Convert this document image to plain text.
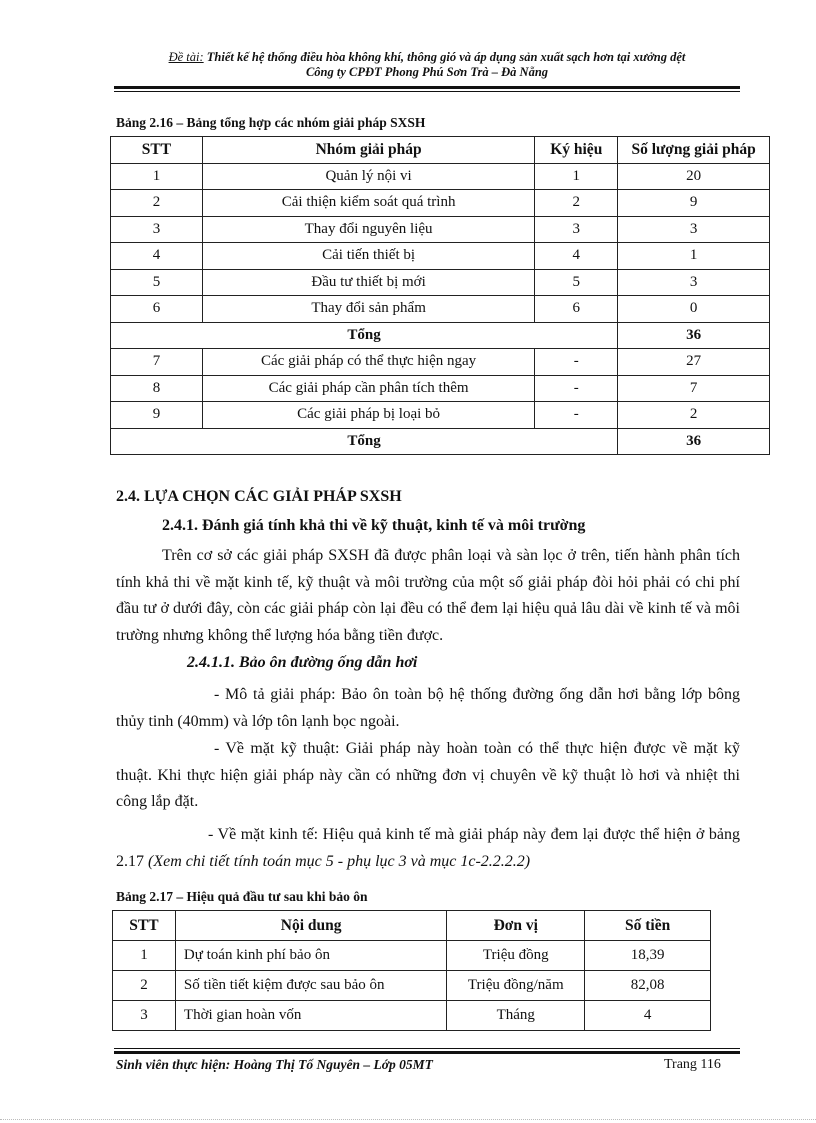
Đề tài: Thiết kế hệ thống điều hòa không khí, thông gió và áp dụng sản xuất sạch hơn tại xưởng dệt
Công ty CPĐT Phong Phú Sơn Trà – Đà Nẵng
Bảng 2.16 – Bảng tổng hợp các nhóm giải pháp SXSH
STT	Nhóm giải pháp	Ký hiệu	Số lượng giải pháp
1	Quản lý nội vi	1	20
2	Cải thiện kiểm soát quá trình	2	9
3	Thay đổi nguyên liệu	3	3
4	Cải tiến thiết bị	4	1
5	Đầu tư thiết bị mới	5	3
6	Thay đổi sản phẩm	6	0
Tổng			36
7	Các giải pháp có thể thực hiện ngay	-	27
8	Các giải pháp cần phân tích thêm	-	7
9	Các giải pháp bị loại bỏ	-	2
Tổng			36
2.4. LỰA CHỌN CÁC GIẢI PHÁP SXSH
2.4.1. Đánh giá tính khả thi về kỹ thuật, kinh tế và môi trường
Trên cơ sở các giải pháp SXSH đã được phân loại và sàn lọc ở trên, tiến hành phân tích tính khả thi về mặt kinh tế, kỹ thuật và môi trường của một số giải pháp đòi hỏi phải có chi phí đầu tư ở dưới đây, còn các giải pháp còn lại đều có thể đem lại hiệu quả lâu dài về kinh tế và môi trường nhưng không thể lượng hóa bằng tiền được.
2.4.1.1. Bảo ôn đường ống dẫn hơi
- Mô tả giải pháp: Bảo ôn toàn bộ hệ thống đường ống dẫn hơi bằng lớp bông thủy tinh (40mm) và lớp tôn lạnh bọc ngoài.
- Về mặt kỹ thuật: Giải pháp này hoàn toàn có thể thực hiện được về mặt kỹ thuật. Khi thực hiện giải pháp này cần có những đơn vị chuyên về kỹ thuật lò hơi và nhiệt thi công lắp đặt.
- Về mặt kinh tế: Hiệu quả kinh tế mà giải pháp này đem lại được thể hiện ở bảng 2.17 (Xem chi tiết tính toán mục 5 - phụ lục 3 và mục 1c-2.2.2.2)
Bảng 2.17 – Hiệu quả đầu tư sau khi bảo ôn
STT	Nội dung	Đơn vị	Số tiền
1	Dự toán kinh phí bảo ôn	Triệu đồng	18,39
2	Số tiền tiết kiệm được sau bảo ôn	Triệu đồng/năm	82,08
3	Thời gian hoàn vốn	Tháng	4
Sinh viên thực hiện: Hoàng Thị Tố Nguyên – Lớp 05MT	Trang 116
